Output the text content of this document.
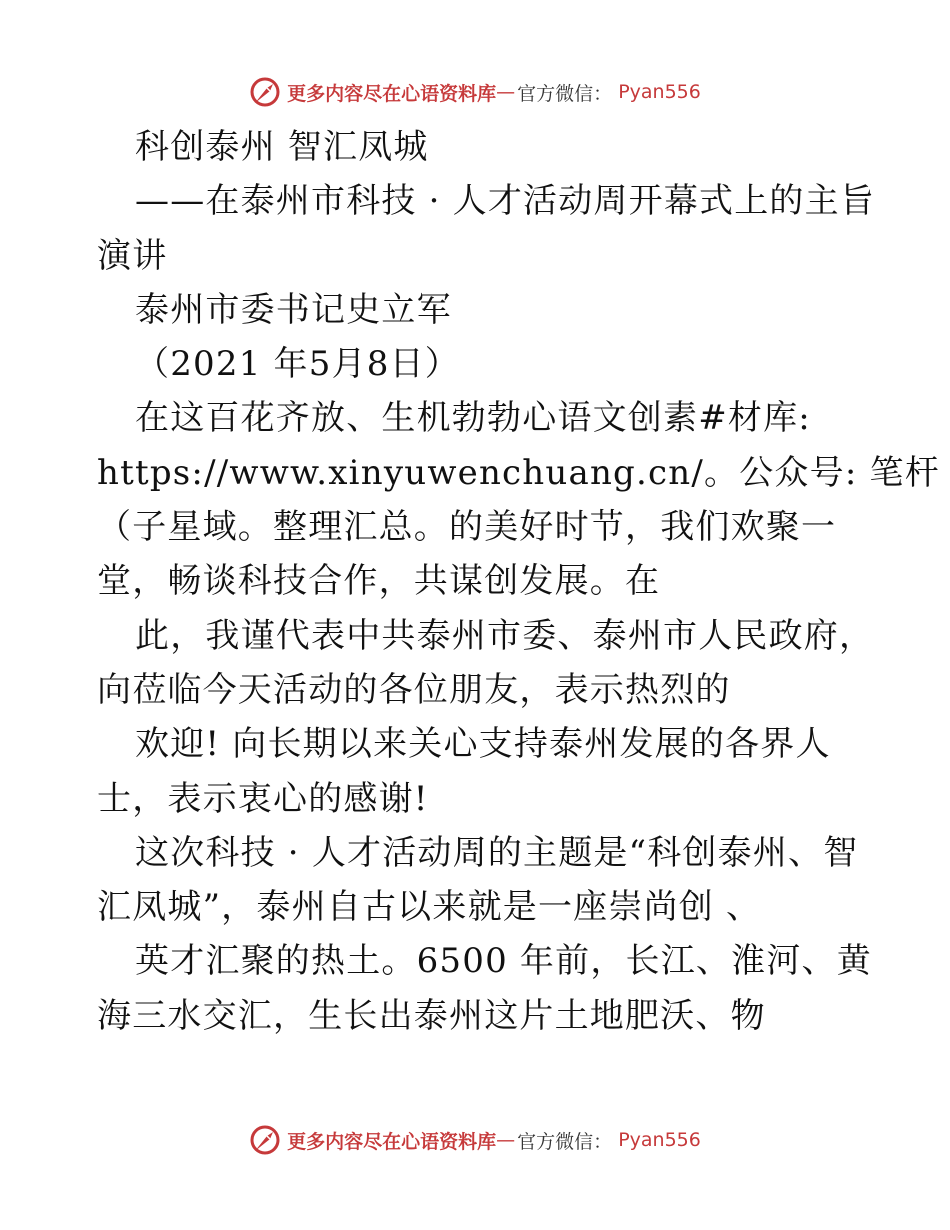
更多内容尽在心语资料库 — 官方微信： Pyan556
科创泰州 智汇凤城
——在泰州市科技 · 人才活动周开幕式上的主旨
演讲
泰州市委书记史立军
（2021 年5月8日）
在这百花齐放、生机勃勃心语文创素#材库:
https://www.xinyuwenchuang.cn/。公众号: 笔杆
（子星域。整理汇总。的美好时节，我们欢聚一
堂，畅谈科技合作，共谋创发展。在
此，我谨代表中共泰州市委、泰州市人民政府，
向莅临今天活动的各位朋友，表示热烈的
欢迎! 向长期以来关心支持泰州发展的各界人
士，表示衷心的感谢!
这次科技 · 人才活动周的主题是“科创泰州、智
汇凤城”，泰州自古以来就是一座崇尚创 、
英才汇聚的热土。6500 年前，长江、淮河、黄
海三水交汇，生长出泰州这片土地肥沃、物
更多内容尽在心语资料库 — 官方微信： Pyan556
